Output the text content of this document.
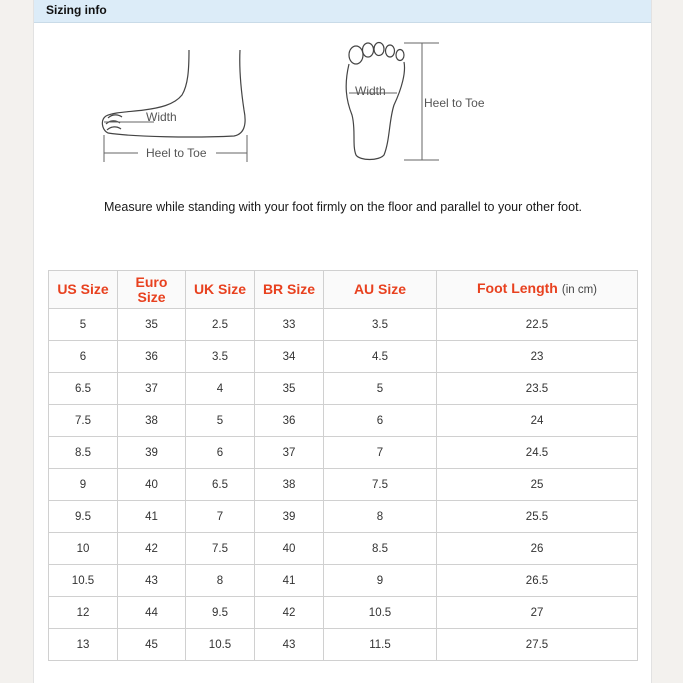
Sizing info
Width
Heel to Toe
Width
Heel to Toe
Measure while standing with your foot firmly on the floor and parallel to your other foot.
US Size	Euro Size	UK Size	BR Size	AU Size	Foot Length (in cm)
5	35	2.5	33	3.5	22.5
6	36	3.5	34	4.5	23
6.5	37	4	35	5	23.5
7.5	38	5	36	6	24
8.5	39	6	37	7	24.5
9	40	6.5	38	7.5	25
9.5	41	7	39	8	25.5
10	42	7.5	40	8.5	26
10.5	43	8	41	9	26.5
12	44	9.5	42	10.5	27
13	45	10.5	43	11.5	27.5
